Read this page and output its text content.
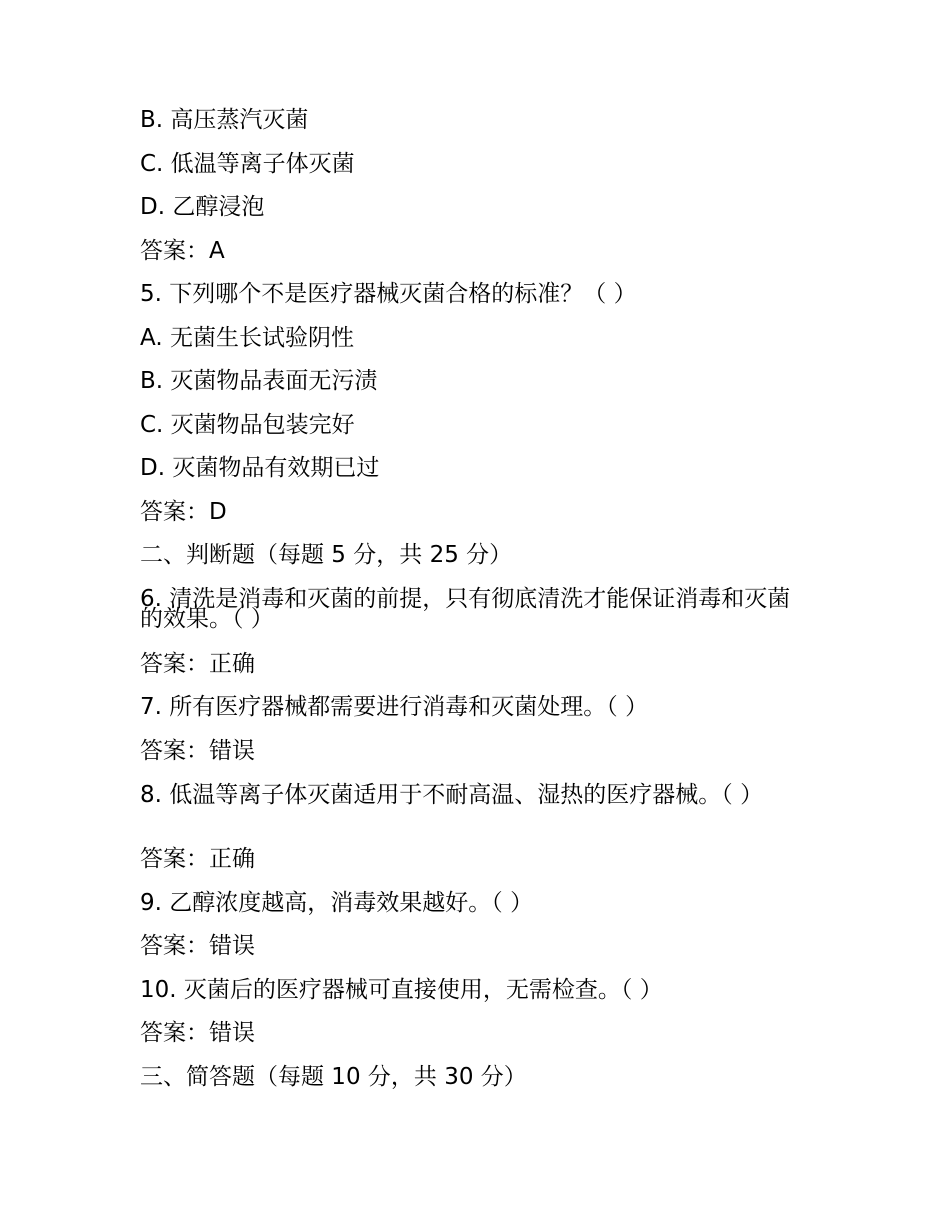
B. 高压蒸汽灭菌
C. 低温等离子体灭菌
D. 乙醇浸泡
答案：A
5. 下列哪个不是医疗器械灭菌合格的标准？（ ）
A. 无菌生长试验阴性
B. 灭菌物品表面无污渍
C. 灭菌物品包装完好
D. 灭菌物品有效期已过
答案：D
二、判断题（每题 5 分，共 25 分）
6. 清洗是消毒和灭菌的前提，只有彻底清洗才能保证消毒和灭菌的效果。（ ）
答案：正确
7. 所有医疗器械都需要进行消毒和灭菌处理。（ ）
答案：错误
8. 低温等离子体灭菌适用于不耐高温、湿热的医疗器械。（ ）
答案：正确
9. 乙醇浓度越高，消毒效果越好。（ ）
答案：错误
10. 灭菌后的医疗器械可直接使用，无需检查。（ ）
答案：错误
三、简答题（每题 10 分，共 30 分）
